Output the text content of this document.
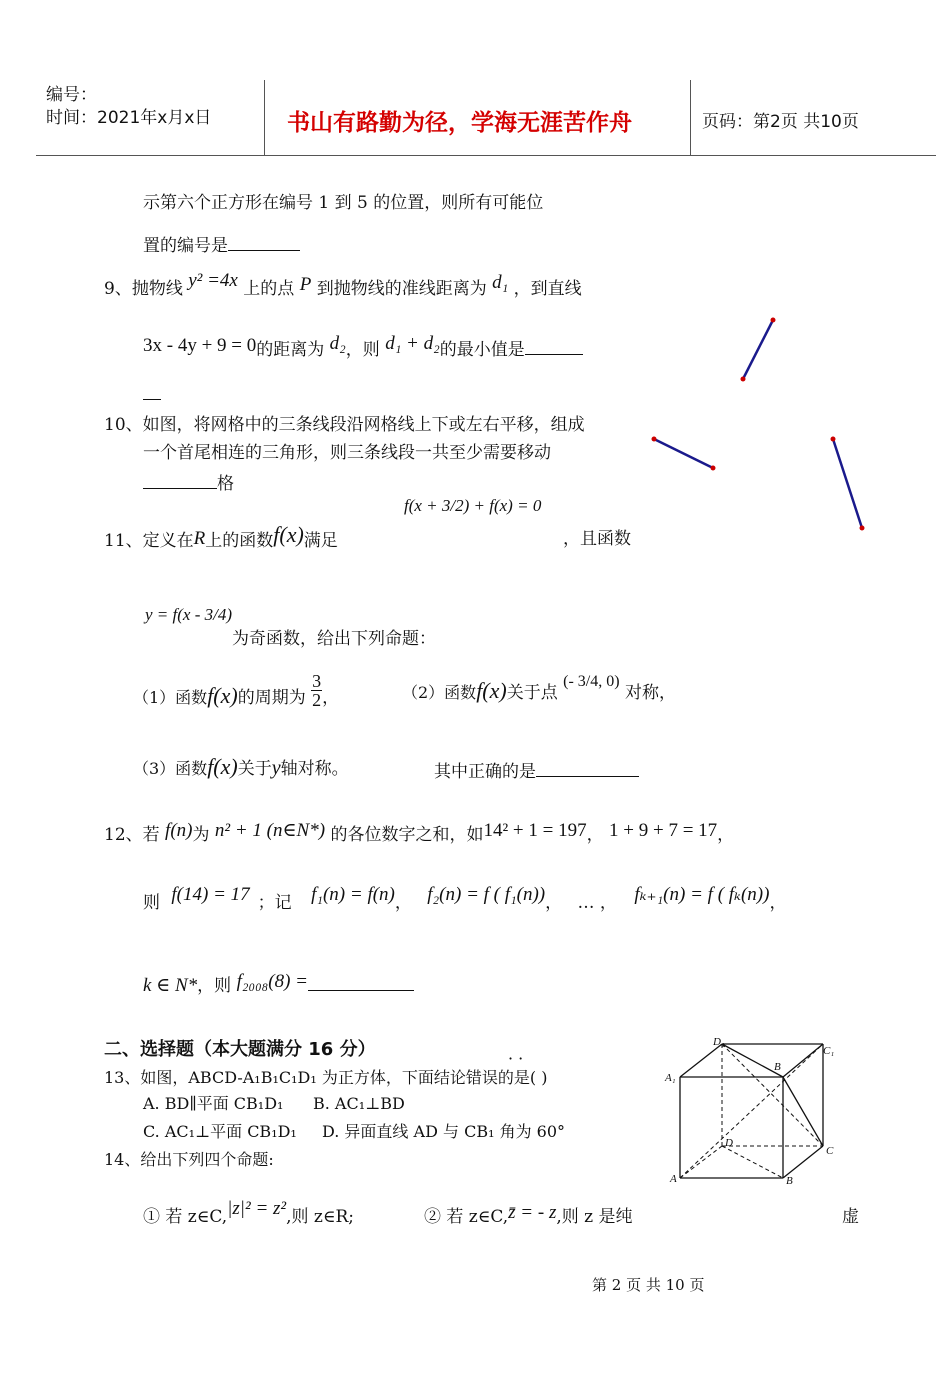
编号：
时间：2021年x月x日	书山有路勤为径，学海无涯苦作舟	页码：第2页 共10页
示第六个正方形在编号 1 到 5 的位置，则所有可能位
置的编号是
9、抛物线 y² =4x 上的点 P 到抛物线的准线距离为 d₁ ，到直线
3x - 4y + 9 = 0的距离为 d₂，则 d₁ + d₂的最小值是
10、如图，将网格中的三条线段沿网格线上下或左右平移，组成
一个首尾相连的三角形，则三条线段一共至少需要移动
格
11、定义在R上的函数f(x)满足
f(x + 3/2) + f(x) = 0
，且函数
y = f(x - 3/4)为奇函数，给出下列命题：
（1）函数f(x)的周期为 $\frac{3}{2}$ ，	（2）函数f(x)关于点 (- 3/4, 0) 对称，
（3）函数f(x)关于y轴对称。	其中正确的是
12、若 f(n)为 n² + 1 (n∈N*) 的各位数字之和，如14² + 1 = 197， 1 + 9 + 7 = 17，
则 f(14) = 17 ；记 f₁(n) = f(n)， f₂(n) = f ( f₁(n))， … ， fₖ₊₁(n) = f ( fₖ(n))，
k ∈ N*，则 f₂₀₀₈(8) =
二、选择题（本大题满分 16 分）	· ·
13、如图，ABCD-A₁B₁C₁D₁ 为正方体，下面结论错误的是( )
A. BD∥平面 CB₁D₁ B. AC₁⊥BD
C. AC₁⊥平面 CB₁D₁ D. 异面直线 AD 与 CB₁ 角为 60°
D₁
C₁
A₁
B
D
C
A	B
14、给出下列四个命题:
① 若 z∈C,|z|² = z²,则 z∈R;	② 若 z∈C,z̄ = - z,则 z 是纯	虚
第 2 页 共 10 页
